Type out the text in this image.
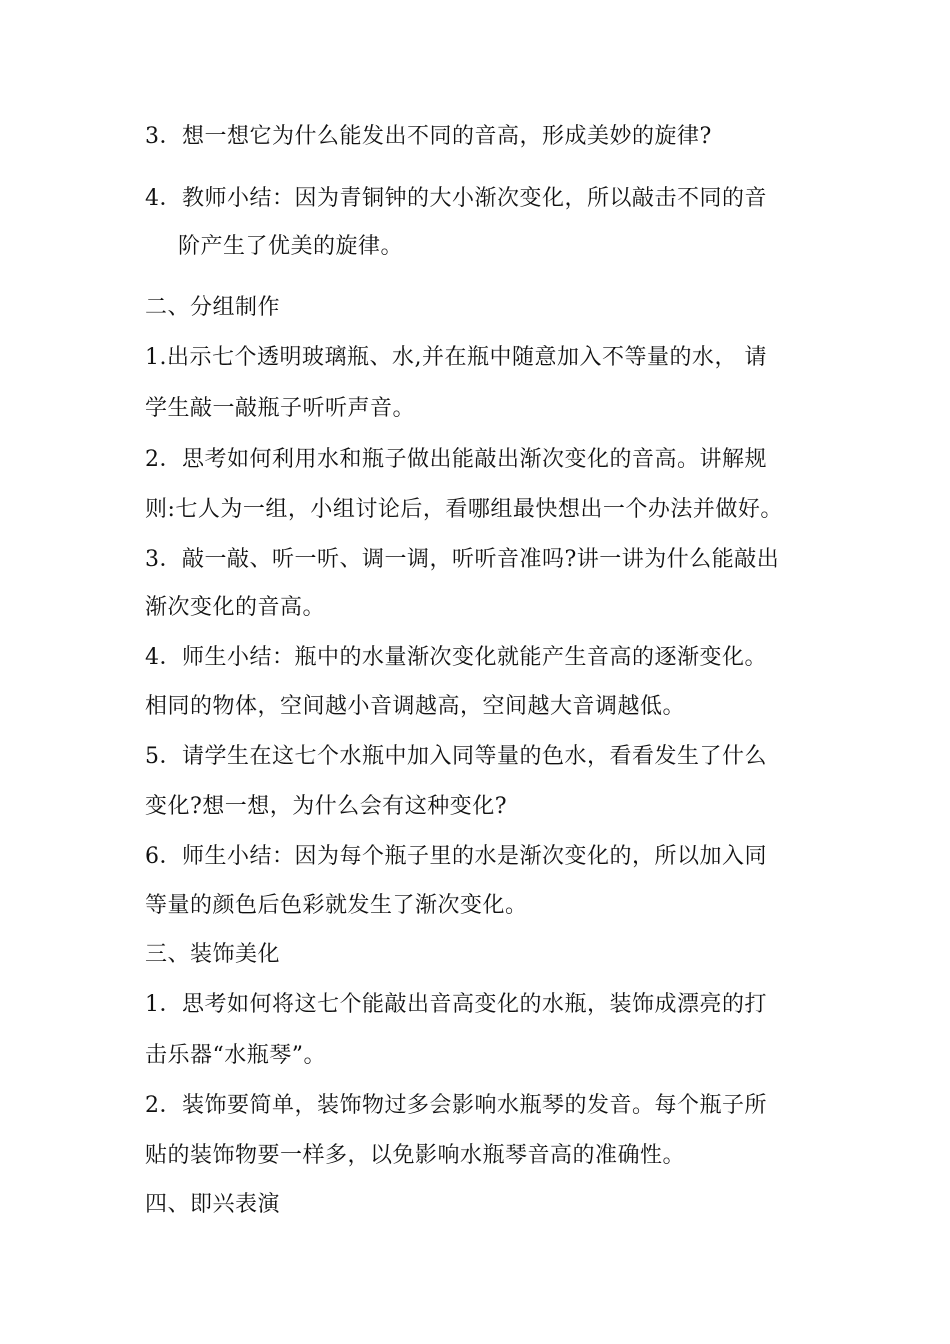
3．想一想它为什么能发出不同的音高，形成美妙的旋律?
4．教师小结：因为青铜钟的大小渐次变化，所以敲击不同的音
阶产生了优美的旋律。
二、分组制作
1.出示七个透明玻璃瓶、水,并在瓶中随意加入不等量的水， 请
学生敲一敲瓶子听听声音。
2．思考如何利用水和瓶子做出能敲出渐次变化的音高。讲解规
则:七人为一组，小组讨论后，看哪组最快想出一个办法并做好。
3．敲一敲、听一听、调一调，听听音准吗?讲一讲为什么能敲出
渐次变化的音高。
4．师生小结：瓶中的水量渐次变化就能产生音高的逐渐变化。
相同的物体，空间越小音调越高，空间越大音调越低。
5．请学生在这七个水瓶中加入同等量的色水，看看发生了什么
变化?想一想，为什么会有这种变化?
6．师生小结：因为每个瓶子里的水是渐次变化的，所以加入同
等量的颜色后色彩就发生了渐次变化。
三、装饰美化
1．思考如何将这七个能敲出音高变化的水瓶，装饰成漂亮的打
击乐器“水瓶琴”。
2．装饰要简单，装饰物过多会影响水瓶琴的发音。每个瓶子所
贴的装饰物要一样多，以免影响水瓶琴音高的准确性。
四、即兴表演
